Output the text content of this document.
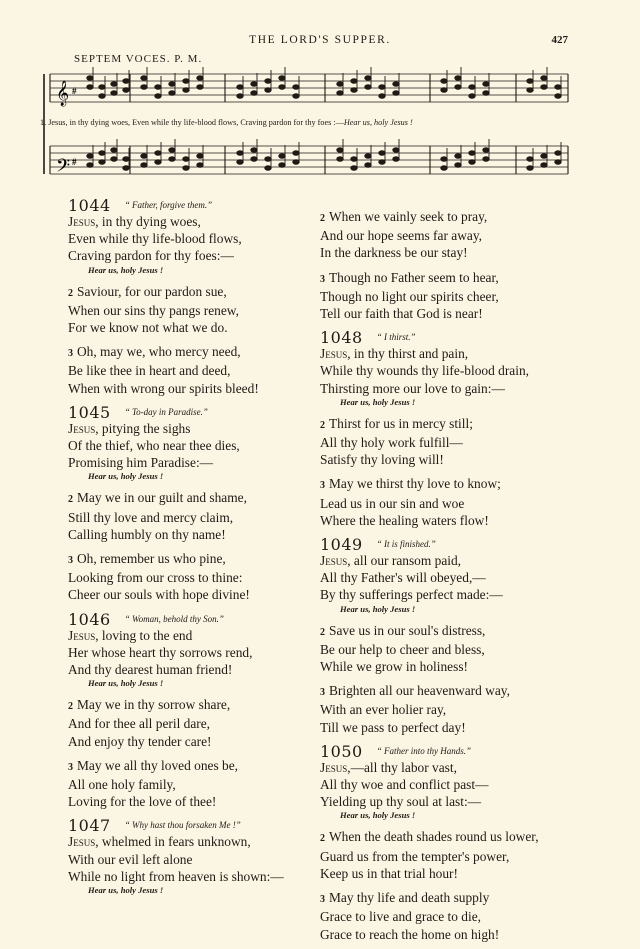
THE LORD'S SUPPER.	427
SEPTEM VOCES. P. M.
𝄞
𝄢
#
#
1. Jesus, in thy dying woes, Even while thy life-blood flows, Craving pardon for thy foes :—Hear us, holy Jesus !
1044 “ Father, forgive them.”
Jesus, in thy dying woes,
Even while thy life-blood flows,
Craving pardon for thy foes:—
Hear us, holy Jesus !
2 Saviour, for our pardon sue,
When our sins thy pangs renew,
For we know not what we do.
3 Oh, may we, who mercy need,
Be like thee in heart and deed,
When with wrong our spirits bleed!
1045 “ To-day in Paradise.”
Jesus, pitying the sighs
Of the thief, who near thee dies,
Promising him Paradise:—
Hear us, holy Jesus !
2 May we in our guilt and shame,
Still thy love and mercy claim,
Calling humbly on thy name!
3 Oh, remember us who pine,
Looking from our cross to thine:
Cheer our souls with hope divine!
1046 “ Woman, behold thy Son.”
Jesus, loving to the end
Her whose heart thy sorrows rend,
And thy dearest human friend!
Hear us, holy Jesus !
2 May we in thy sorrow share,
And for thee all peril dare,
And enjoy thy tender care!
3 May we all thy loved ones be,
All one holy family,
Loving for the love of thee!
1047 “ Why hast thou forsaken Me !”
Jesus, whelmed in fears unknown,
With our evil left alone
While no light from heaven is shown:—
Hear us, holy Jesus !
2 When we vainly seek to pray,
And our hope seems far away,
In the darkness be our stay!
3 Though no Father seem to hear,
Though no light our spirits cheer,
Tell our faith that God is near!
1048 “ I thirst.”
Jesus, in thy thirst and pain,
While thy wounds thy life-blood drain,
Thirsting more our love to gain:—
Hear us, holy Jesus !
2 Thirst for us in mercy still;
All thy holy work fulfill—
Satisfy thy loving will!
3 May we thirst thy love to know;
Lead us in our sin and woe
Where the healing waters flow!
1049 “ It is finished.”
Jesus, all our ransom paid,
All thy Father's will obeyed,—
By thy sufferings perfect made:—
Hear us, holy Jesus !
2 Save us in our soul's distress,
Be our help to cheer and bless,
While we grow in holiness!
3 Brighten all our heavenward way,
With an ever holier ray,
Till we pass to perfect day!
1050 “ Father into thy Hands.”
Jesus,—all thy labor vast,
All thy woe and conflict past—
Yielding up thy soul at last:—
Hear us, holy Jesus !
2 When the death shades round us lower,
Guard us from the tempter's power,
Keep us in that trial hour!
3 May thy life and death supply
Grace to live and grace to die,
Grace to reach the home on high!
